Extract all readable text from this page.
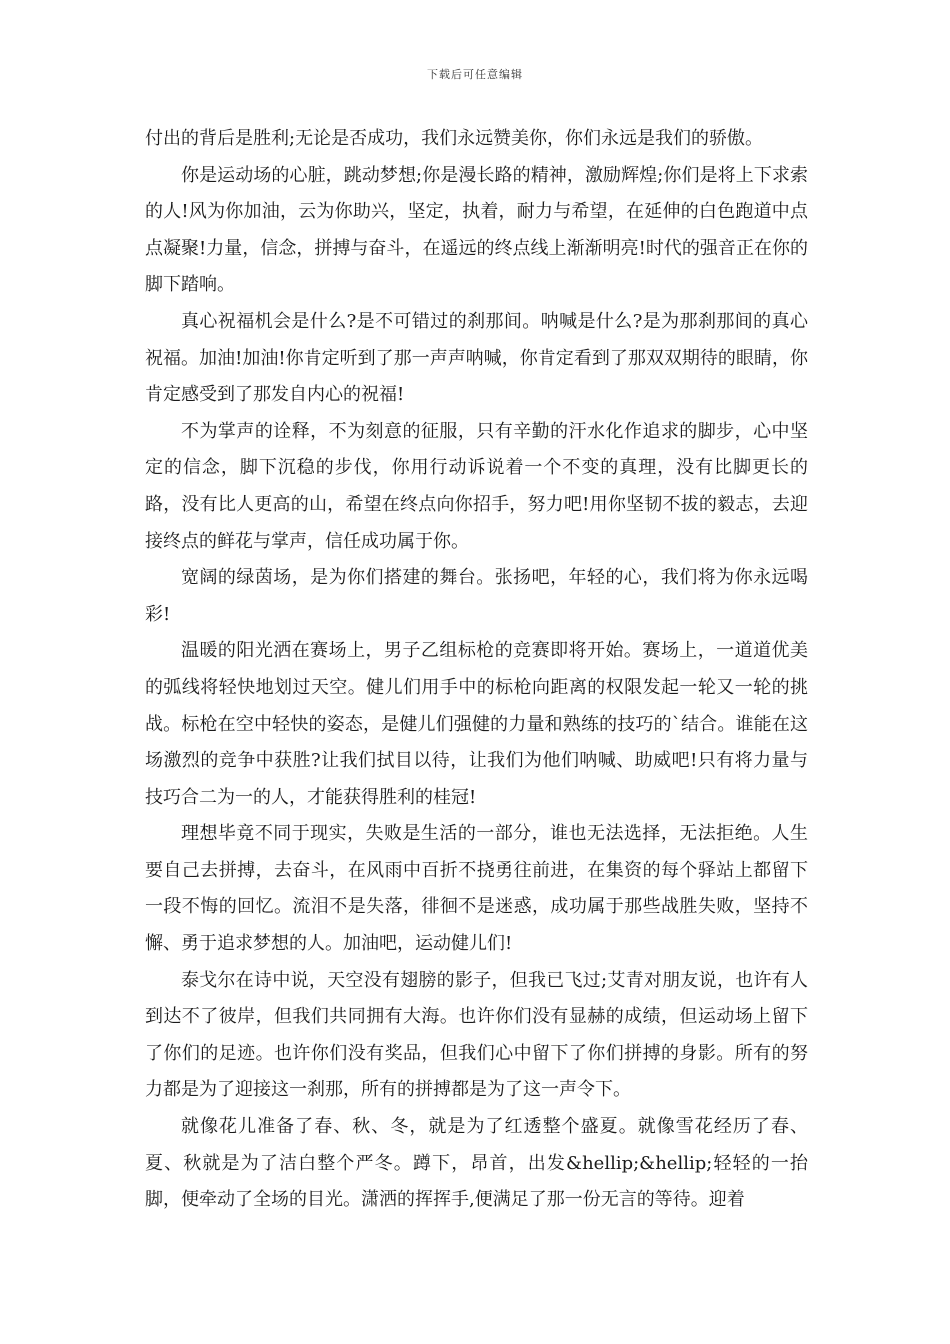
下载后可任意编辑

付出的背后是胜利;无论是否成功，我们永远赞美你，你们永远是我们的骄傲。

你是运动场的心脏，跳动梦想;你是漫长路的精神，激励辉煌;你们是将上下求索的人!风为你加油，云为你助兴，坚定，执着，耐力与希望，在延伸的白色跑道中点点凝聚!力量，信念，拼搏与奋斗，在遥远的终点线上渐渐明亮!时代的强音正在你的脚下踏响。

真心祝福机会是什么?是不可错过的刹那间。呐喊是什么?是为那刹那间的真心祝福。加油!加油!你肯定听到了那一声声呐喊，你肯定看到了那双双期待的眼睛，你肯定感受到了那发自内心的祝福!

不为掌声的诠释，不为刻意的征服，只有辛勤的汗水化作追求的脚步，心中坚定的信念，脚下沉稳的步伐，你用行动诉说着一个不变的真理，没有比脚更长的路，没有比人更高的山，希望在终点向你招手，努力吧!用你坚韧不拔的毅志，去迎接终点的鲜花与掌声，信任成功属于你。

宽阔的绿茵场，是为你们搭建的舞台。张扬吧，年轻的心，我们将为你永远喝彩!

温暖的阳光洒在赛场上，男子乙组标枪的竞赛即将开始。赛场上，一道道优美的弧线将轻快地划过天空。健儿们用手中的标枪向距离的权限发起一轮又一轮的挑战。标枪在空中轻快的姿态，是健儿们强健的力量和熟练的技巧的`结合。谁能在这场激烈的竞争中获胜?让我们拭目以待，让我们为他们呐喊、助威吧!只有将力量与技巧合二为一的人，才能获得胜利的桂冠!

理想毕竟不同于现实，失败是生活的一部分，谁也无法选择，无法拒绝。人生要自己去拼搏，去奋斗，在风雨中百折不挠勇往前进，在集资的每个驿站上都留下一段不悔的回忆。流泪不是失落，徘徊不是迷惑，成功属于那些战胜失败，坚持不懈、勇于追求梦想的人。加油吧，运动健儿们!

泰戈尔在诗中说，天空没有翅膀的影子，但我已飞过;艾青对朋友说，也许有人到达不了彼岸，但我们共同拥有大海。也许你们没有显赫的成绩，但运动场上留下了你们的足迹。也许你们没有奖品，但我们心中留下了你们拼搏的身影。所有的努力都是为了迎接这一刹那，所有的拼搏都是为了这一声令下。

就像花儿准备了春、秋、冬，就是为了红透整个盛夏。就像雪花经历了春、夏、秋就是为了洁白整个严冬。蹲下，昂首，出发&hellip;&hellip;轻轻的一抬脚，便牵动了全场的目光。潇洒的挥挥手,便满足了那一份无言的等待。迎着
